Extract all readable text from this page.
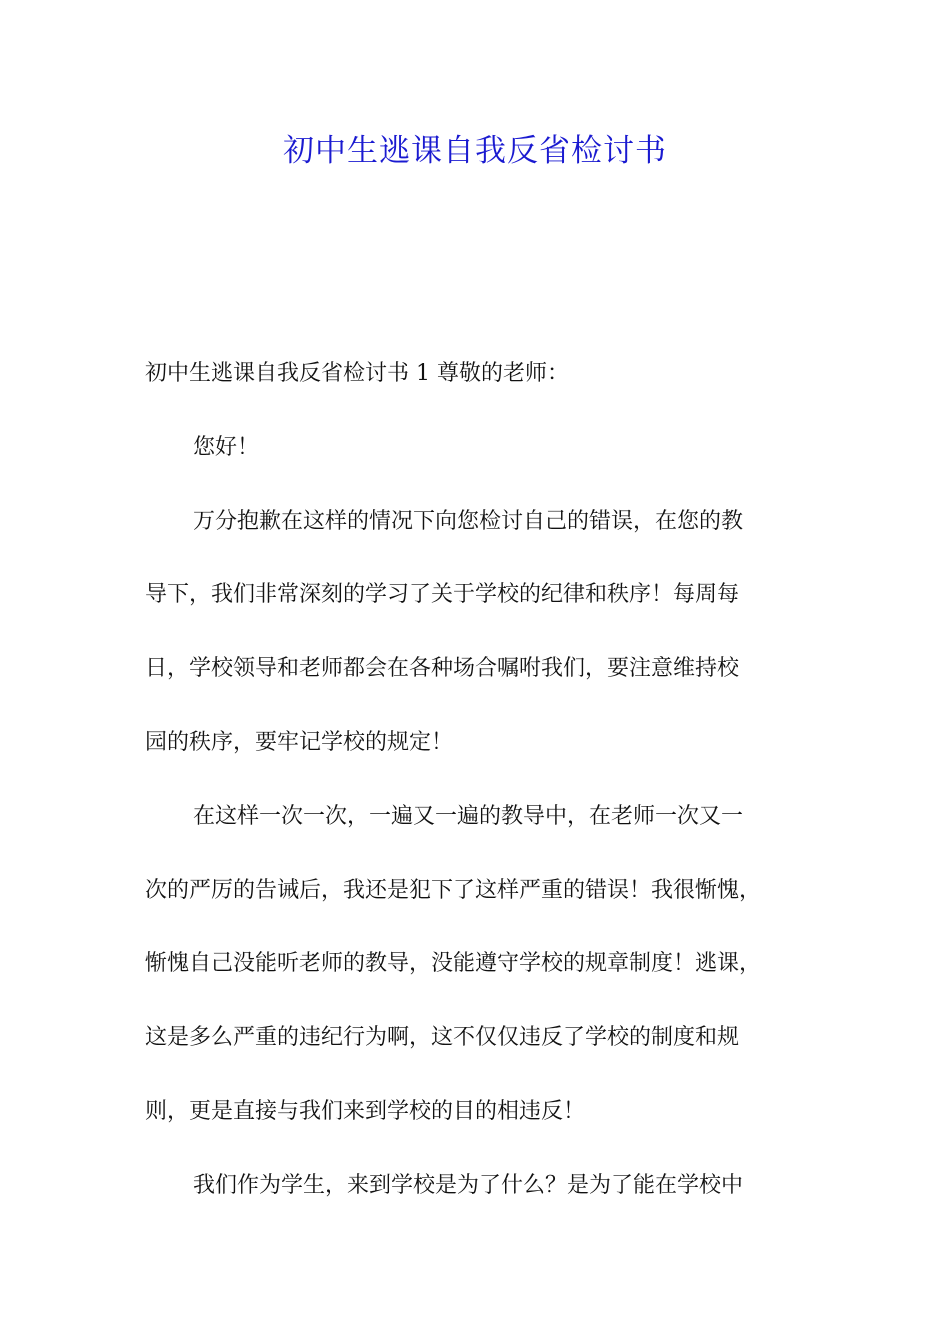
初中生逃课自我反省检讨书
初中生逃课自我反省检讨书 1 尊敬的老师：
您好！
万分抱歉在这样的情况下向您检讨自己的错误，在您的教
导下，我们非常深刻的学习了关于学校的纪律和秩序！每周每
日，学校领导和老师都会在各种场合嘱咐我们，要注意维持校
园的秩序，要牢记学校的规定！
在这样一次一次，一遍又一遍的教导中，在老师一次又一
次的严厉的告诫后，我还是犯下了这样严重的错误！我很惭愧，
惭愧自己没能听老师的教导，没能遵守学校的规章制度！逃课，
这是多么严重的违纪行为啊，这不仅仅违反了学校的制度和规
则，更是直接与我们来到学校的目的相违反！
我们作为学生，来到学校是为了什么？是为了能在学校中
